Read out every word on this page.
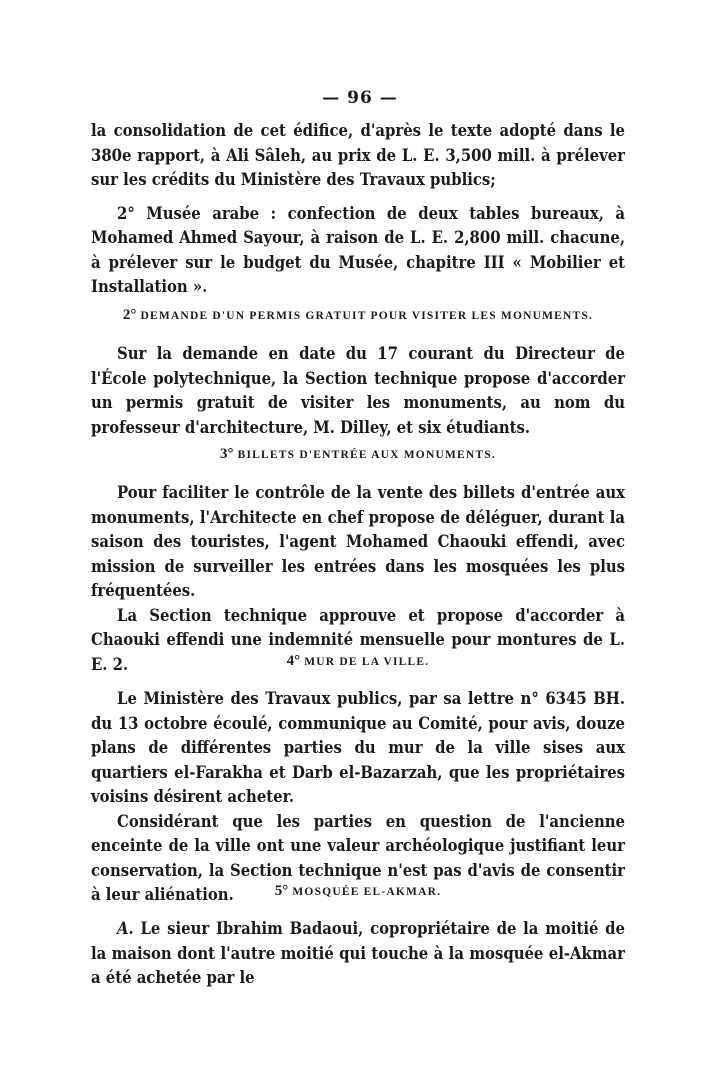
— 96 —

la consolidation de cet édifice, d'après le texte adopté dans le 380e rapport, à Ali Sâleh, au prix de L. E. 3,500 mill. à prélever sur les crédits du Ministère des Travaux publics;

2° Musée arabe : confection de deux tables bureaux, à Mohamed Ahmed Sayour, à raison de L. E. 2,800 mill. chacune, à prélever sur le budget du Musée, chapitre III « Mobilier et Installation ».

2° DEMANDE D'UN PERMIS GRATUIT POUR VISITER LES MONUMENTS.

Sur la demande en date du 17 courant du Directeur de l'École polytechnique, la Section technique propose d'accorder un permis gratuit de visiter les monuments, au nom du professeur d'architecture, M. Dilley, et six étudiants.

3° BILLETS D'ENTRÉE AUX MONUMENTS.

Pour faciliter le contrôle de la vente des billets d'entrée aux monuments, l'Architecte en chef propose de déléguer, durant la saison des touristes, l'agent Mohamed Chaouki effendi, avec mission de surveiller les entrées dans les mosquées les plus fréquentées.

La Section technique approuve et propose d'accorder à Chaouki effendi une indemnité mensuelle pour montures de L. E. 2.	4° MUR DE LA VILLE.

Le Ministère des Travaux publics, par sa lettre n° 6345 BH. du 13 octobre écoulé, communique au Comité, pour avis, douze plans de différentes parties du mur de la ville sises aux quartiers el-Farakha et Darb el-Bazarzah, que les propriétaires voisins désirent acheter.

Considérant que les parties en question de l'ancienne enceinte de la ville ont une valeur archéologique justifiant leur conservation, la Section technique n'est pas d'avis de consentir à leur aliénation.	5° MOSQUÉE EL-AKMAR.

A. Le sieur Ibrahim Badaoui, copropriétaire de la moitié de la maison dont l'autre moitié qui touche à la mosquée el-Akmar a été achetée par le
